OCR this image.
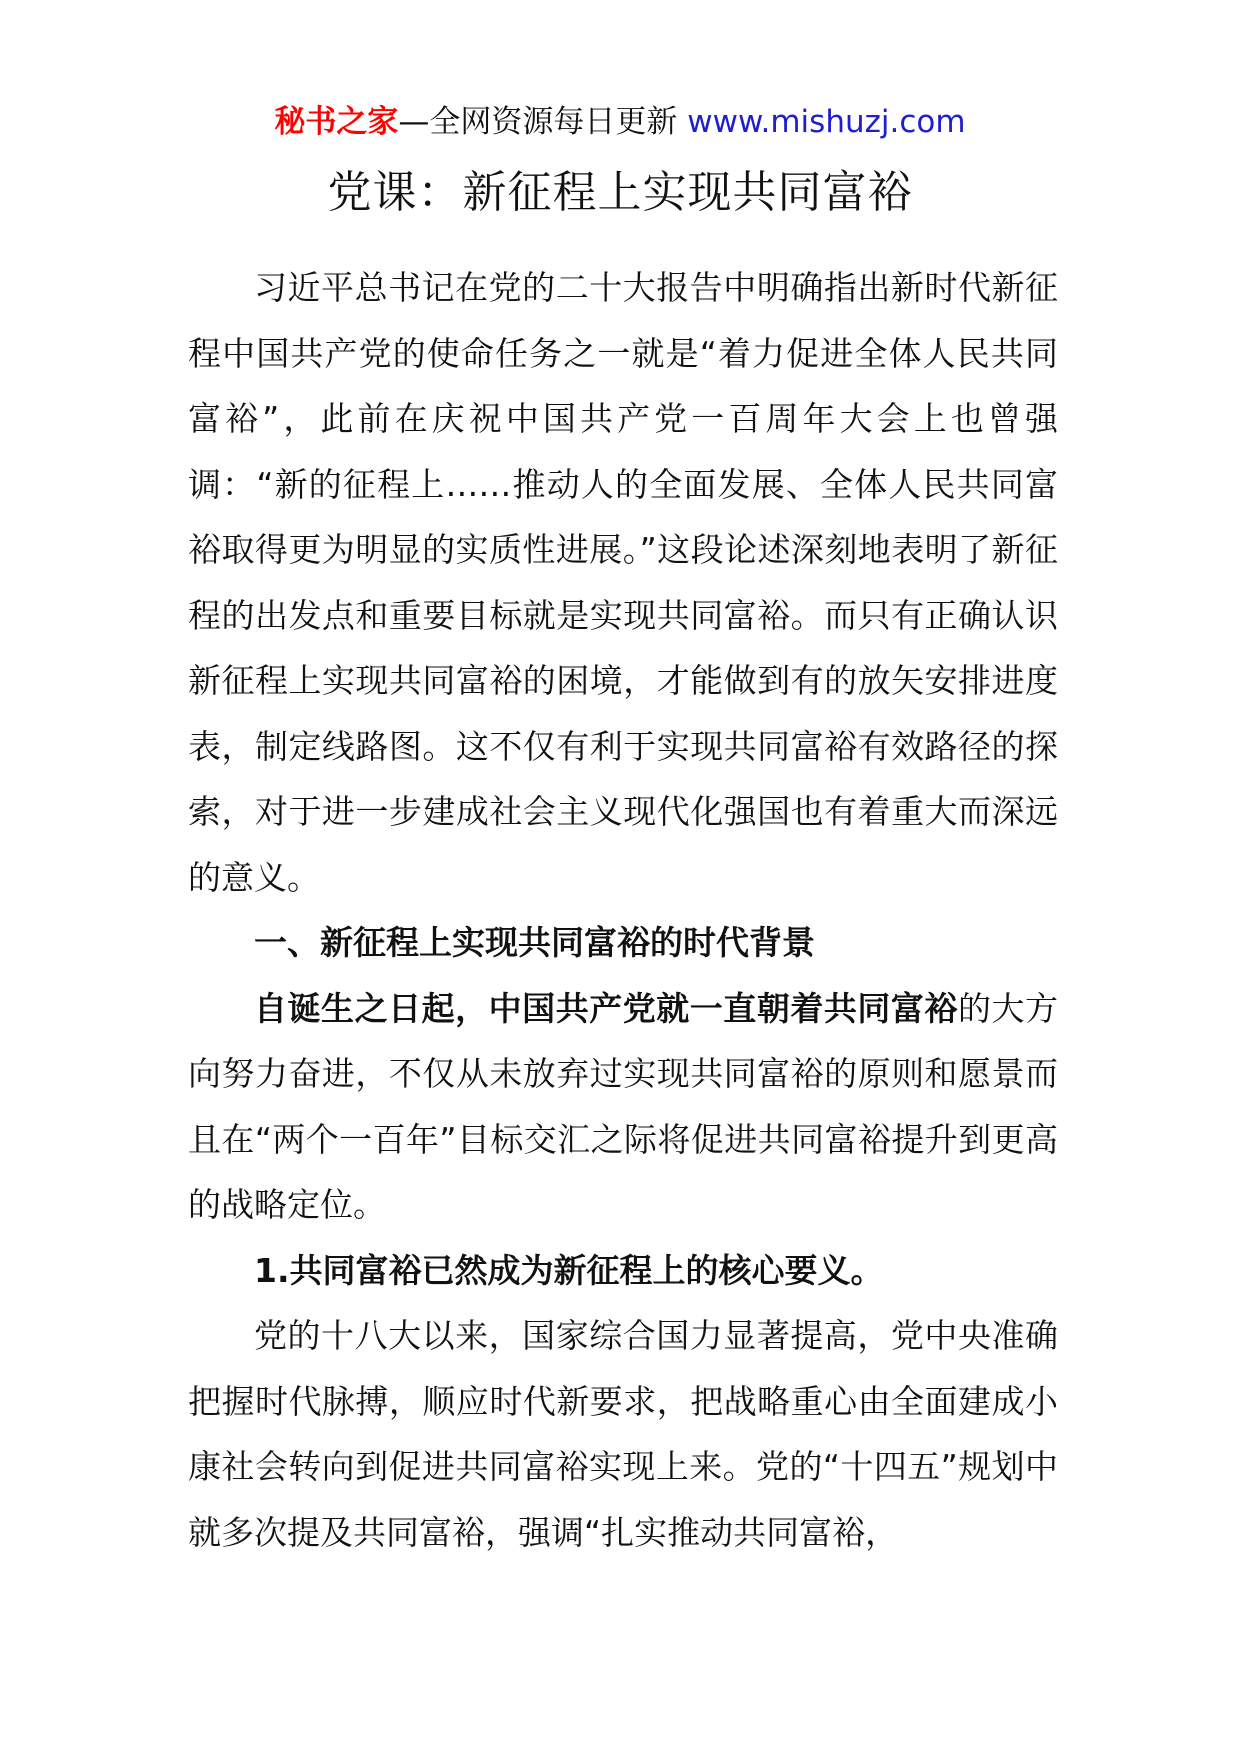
秘书之家—全网资源每日更新 www.mishuzj.com
党课：新征程上实现共同富裕

习近平总书记在党的二十大报告中明确指出新时代新征程中国共产党的使命任务之一就是“着力促进全体人民共同富裕”，此前在庆祝中国共产党一百周年大会上也曾强调：“新的征程上……推动人的全面发展、全体人民共同富裕取得更为明显的实质性进展。”这段论述深刻地表明了新征程的出发点和重要目标就是实现共同富裕。而只有正确认识新征程上实现共同富裕的困境，才能做到有的放矢安排进度表，制定线路图。这不仅有利于实现共同富裕有效路径的探索，对于进一步建成社会主义现代化强国也有着重大而深远的意义。

一、新征程上实现共同富裕的时代背景

自诞生之日起，中国共产党就一直朝着共同富裕的大方向努力奋进，不仅从未放弃过实现共同富裕的原则和愿景而且在“两个一百年”目标交汇之际将促进共同富裕提升到更高的战略定位。

1.共同富裕已然成为新征程上的核心要义。

党的十八大以来，国家综合国力显著提高，党中央准确把握时代脉搏，顺应时代新要求，把战略重心由全面建成小康社会转向到促进共同富裕实现上来。党的“十四五”规划中就多次提及共同富裕，强调“扎实推动共同富裕，
